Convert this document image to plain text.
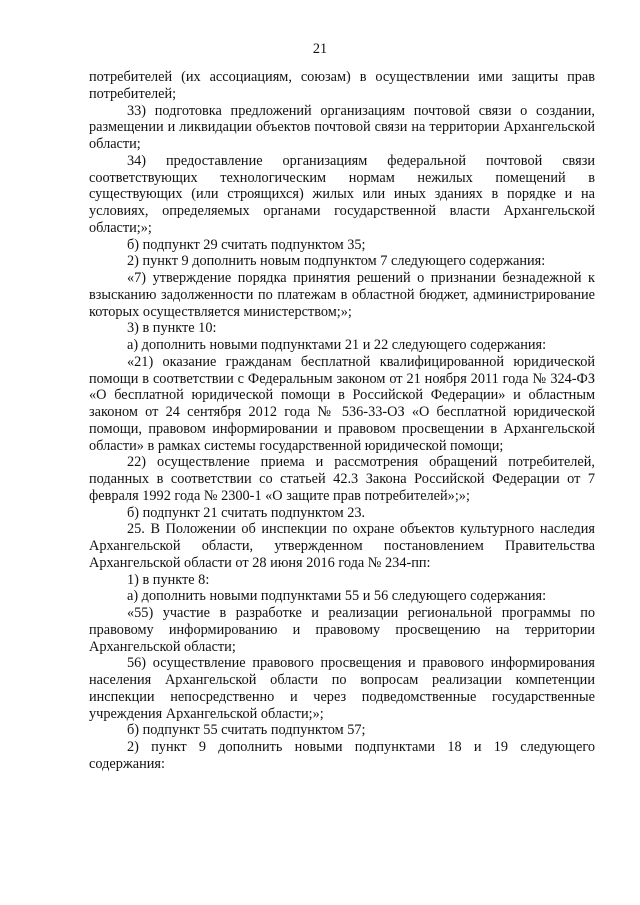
21
потребителей (их ассоциациям, союзам) в осуществлении ими защиты прав потребителей;
33) подготовка предложений организациям почтовой связи о создании, размещении и ликвидации объектов почтовой связи на территории Архангельской области;
34) предоставление организациям федеральной почтовой связи соответствующих технологическим нормам нежилых помещений в существующих (или строящихся) жилых или иных зданиях в порядке и на условиях, определяемых органами государственной власти Архангельской области;»;
б) подпункт 29 считать подпунктом 35;
2) пункт 9 дополнить новым подпунктом 7 следующего содержания:
«7) утверждение порядка принятия решений о признании безнадежной к взысканию задолженности по платежам в областной бюджет, администрирование которых осуществляется министерством;»;
3) в пункте 10:
а) дополнить новыми подпунктами 21 и 22 следующего содержания:
«21) оказание гражданам бесплатной квалифицированной юридической помощи в соответствии с Федеральным законом от 21 ноября 2011 года № 324-ФЗ «О бесплатной юридической помощи в Российской Федерации» и областным законом от 24 сентября 2012 года № 536-33-ОЗ «О бесплатной юридической помощи, правовом информировании и правовом просвещении в Архангельской области» в рамках системы государственной юридической помощи;
22) осуществление приема и рассмотрения обращений потребителей, поданных в соответствии со статьей 42.3 Закона Российской Федерации от 7 февраля 1992 года № 2300-1 «О защите прав потребителей»;»;
б) подпункт 21 считать подпунктом 23.
25. В Положении об инспекции по охране объектов культурного наследия Архангельской области, утвержденном постановлением Правительства Архангельской области от 28 июня 2016 года № 234-пп:
1) в пункте 8:
а) дополнить новыми подпунктами 55 и 56 следующего содержания:
«55) участие в разработке и реализации региональной программы по правовому информированию и правовому просвещению на территории Архангельской области;
56) осуществление правового просвещения и правового информирования населения Архангельской области по вопросам реализации компетенции инспекции непосредственно и через подведомственные государственные учреждения Архангельской области;»;
б) подпункт 55 считать подпунктом 57;
2) пункт 9 дополнить новыми подпунктами 18 и 19 следующего содержания:
